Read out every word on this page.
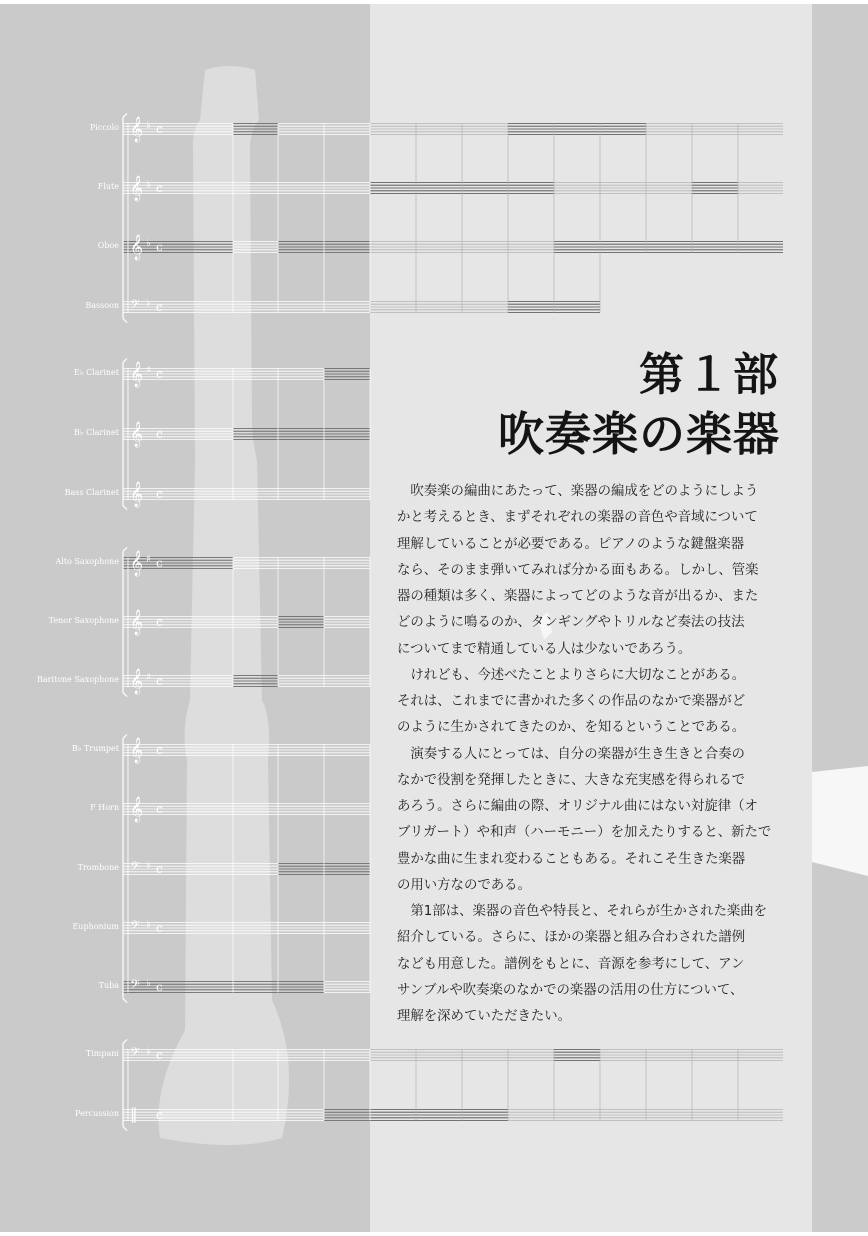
𝄞 ♭ c
𝄞 ♭ c
𝄞 ♭ c
𝄢 ♭ c
𝄞 ♯ c
𝄞 c
𝄞 c
𝄞 ♯ c
𝄞 c
𝄞 ♯ c
𝄞 c
𝄞 c
𝄢 ♭ c
𝄢 ♭ c
𝄢 ♭ c
𝄢 ♭ c
‖ c
Piccolo
Flute
Oboe
Bassoon
E♭ Clarinet
B♭ Clarinet
Bass Clarinet
Alto Saxophone
Tenor Saxophone
Baritone Saxophone
B♭ Trumpet
F Horn
Trombone
Euphonium
Tuba
Timpani
Percussion
第１部
吹奏楽の楽器

吹奏楽の編曲にあたって、楽器の編成をどのようにしよう

かと考えるとき、まずそれぞれの楽器の音色や音域について

理解していることが必要である。ピアノのような鍵盤楽器

なら、そのまま弾いてみれば分かる面もある。しかし、管楽

器の種類は多く、楽器によってどのような音が出るか、また

どのように鳴るのか、タンギングやトリルなど奏法の技法

についてまで精通している人は少ないであろう。

けれども、今述べたことよりさらに大切なことがある。

それは、これまでに書かれた多くの作品のなかで楽器がど

のように生かされてきたのか、を知るということである。

演奏する人にとっては、自分の楽器が生き生きと合奏の

なかで役割を発揮したときに、大きな充実感を得られるで

あろう。さらに編曲の際、オリジナル曲にはない対旋律（オ

ブリガート）や和声（ハーモニー）を加えたりすると、新たで

豊かな曲に生まれ変わることもある。それこそ生きた楽器

の用い方なのである。

第1部は、楽器の音色や特長と、それらが生かされた楽曲を

紹介している。さらに、ほかの楽器と組み合わされた譜例

なども用意した。譜例をもとに、音源を参考にして、アン

サンブルや吹奏楽のなかでの楽器の活用の仕方について、

理解を深めていただきたい。
